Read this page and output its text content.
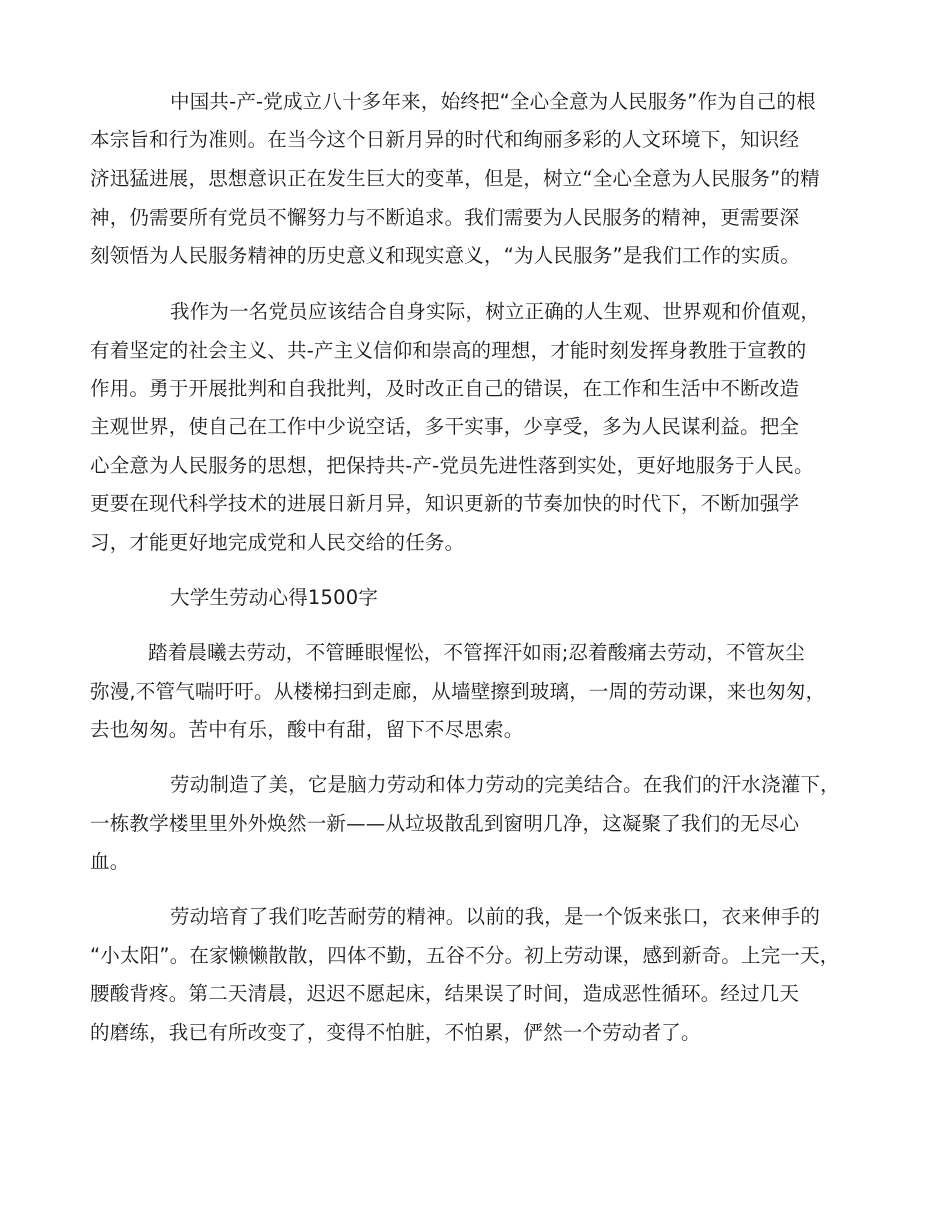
中国共-产-党成立八十多年来，始终把“全心全意为人民服务”作为自己的根
本宗旨和行为准则。在当今这个日新月异的时代和绚丽多彩的人文环境下，知识经
济迅猛进展，思想意识正在发生巨大的变革，但是，树立“全心全意为人民服务”的精
神，仍需要所有党员不懈努力与不断追求。我们需要为人民服务的精神，更需要深
刻领悟为人民服务精神的历史意义和现实意义，“为人民服务”是我们工作的实质。
我作为一名党员应该结合自身实际，树立正确的人生观、世界观和价值观，
有着坚定的社会主义、共-产主义信仰和崇高的理想，才能时刻发挥身教胜于宣教的
作用。勇于开展批判和自我批判，及时改正自己的错误，在工作和生活中不断改造
主观世界，使自己在工作中少说空话，多干实事，少享受，多为人民谋利益。把全
心全意为人民服务的思想，把保持共-产-党员先进性落到实处，更好地服务于人民。
更要在现代科学技术的进展日新月异，知识更新的节奏加快的时代下，不断加强学
习，才能更好地完成党和人民交给的任务。
大学生劳动心得1500字
踏着晨曦去劳动，不管睡眼惺忪，不管挥汗如雨;忍着酸痛去劳动，不管灰尘
弥漫,不管气喘吁吁。从楼梯扫到走廊，从墙壁擦到玻璃，一周的劳动课，来也匆匆，
去也匆匆。苦中有乐，酸中有甜，留下不尽思索。
劳动制造了美，它是脑力劳动和体力劳动的完美结合。在我们的汗水浇灌下，
一栋教学楼里里外外焕然一新——从垃圾散乱到窗明几净，这凝聚了我们的无尽心
血。
劳动培育了我们吃苦耐劳的精神。以前的我，是一个饭来张口，衣来伸手的
“小太阳”。在家懒懒散散，四体不勤，五谷不分。初上劳动课，感到新奇。上完一天，
腰酸背疼。第二天清晨，迟迟不愿起床，结果误了时间，造成恶性循环。经过几天
的磨练，我已有所改变了，变得不怕脏，不怕累，俨然一个劳动者了。
